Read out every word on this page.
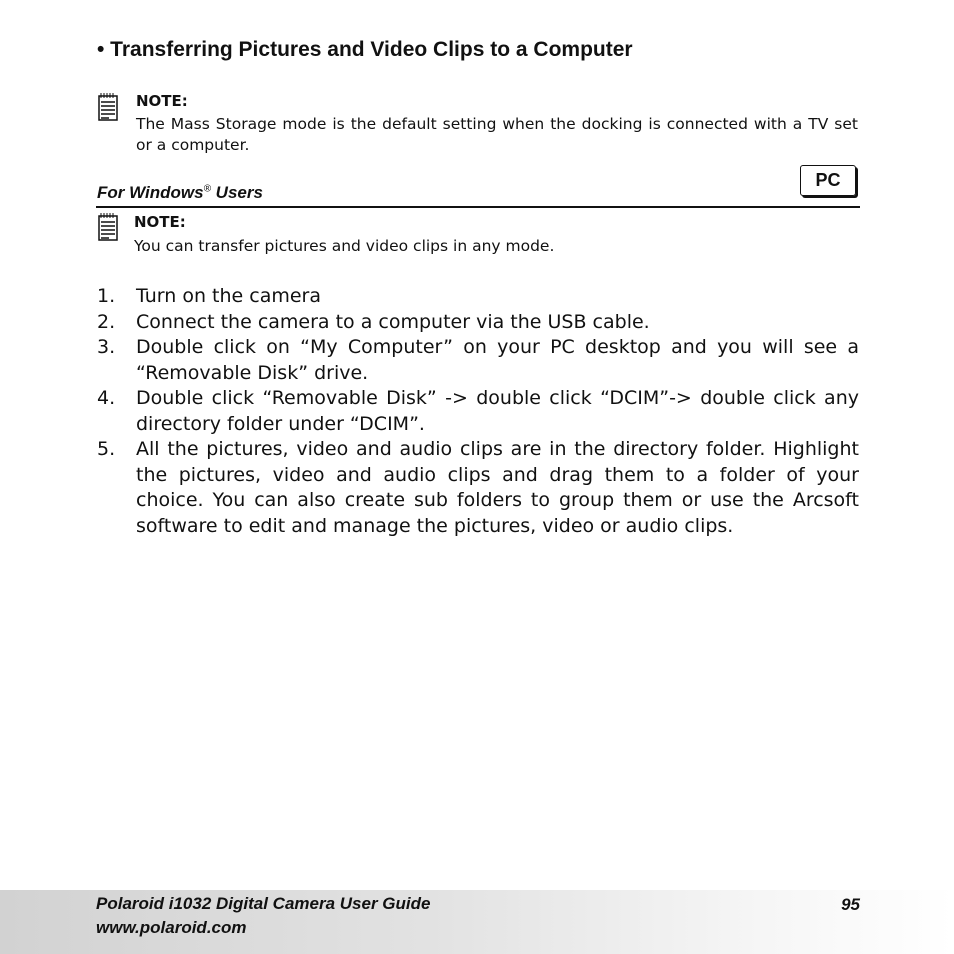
• Transferring Pictures and Video Clips to a Computer
NOTE:
The Mass Storage mode is the default setting when the docking is connected with a TV set or a computer.
For Windows® Users
PC
NOTE:
You can transfer pictures and video clips in any mode.
1. Turn on the camera
2. Connect the camera to a computer via the USB cable.
3. Double click on “My Computer” on your PC desktop and you will see a “Removable Disk” drive.
4. Double click “Removable Disk” -> double click “DCIM”-> double click any directory folder under “DCIM”.
5. All the pictures, video and audio clips are in the directory folder. Highlight the pictures, video and audio clips and drag them to a folder of your choice. You can also create sub folders to group them or use the Arcsoft software to edit and manage the pictures, video or audio clips.
Polaroid i1032 Digital Camera User Guide
www.polaroid.com
95
